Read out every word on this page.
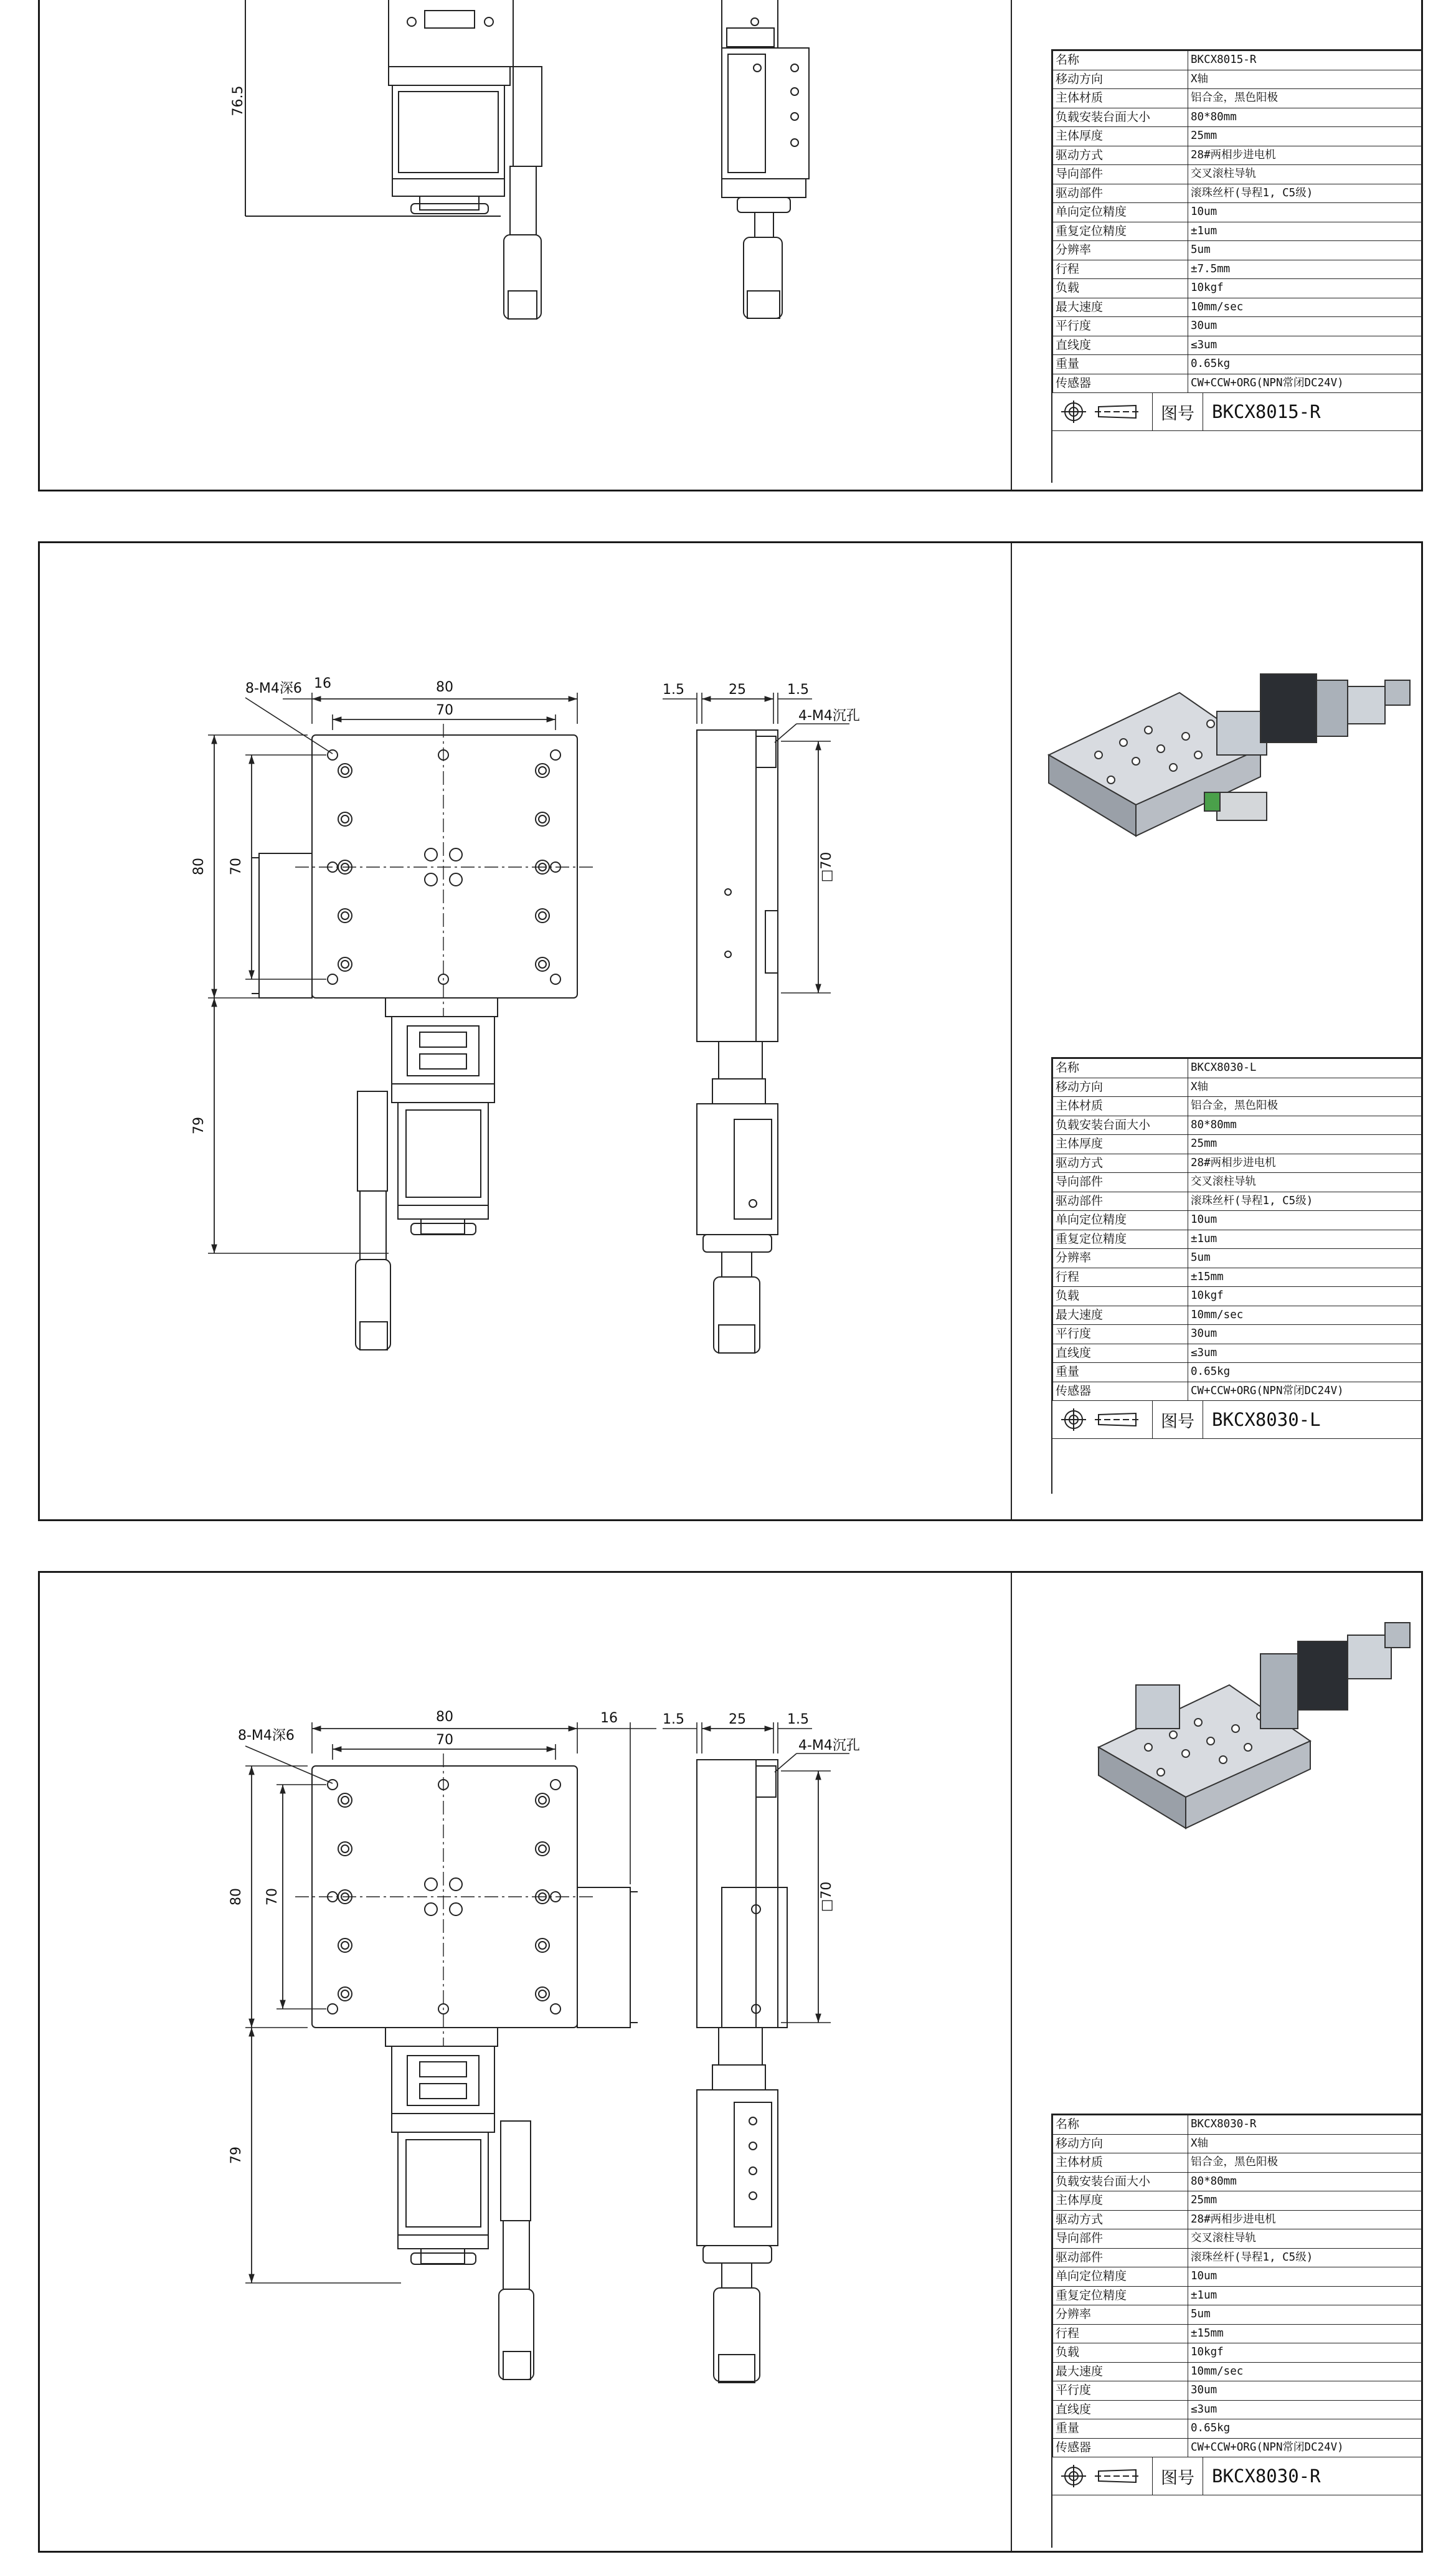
76.5
名称	BKCX8015-R
移动方向	X轴
主体材质	铝合金，黑色阳极
负载安装台面大小	80*80mm
主体厚度	25mm
驱动方式	28#两相步进电机
导向部件	交叉滚柱导轨
驱动部件	滚珠丝杆(导程1, C5级)
单向定位精度	10um
重复定位精度	±1um
分辨率	5um
行程	±7.5mm
负载	10kgf
最大速度	10mm/sec
平行度	30um
直线度	≤3um
重量	0.65kg
传感器	CW+CCW+ORG(NPN常闭DC24V)
图号 BKCX8015-R
8-M4深6 16	80
70
80 70
79
1.5	25	1.5
4-M4沉孔
□70
名称	BKCX8030-L
移动方向	X轴
主体材质	铝合金，黑色阳极
负载安装台面大小	80*80mm
主体厚度	25mm
驱动方式	28#两相步进电机
导向部件	交叉滚柱导轨
驱动部件	滚珠丝杆(导程1, C5级)
单向定位精度	10um
重复定位精度	±1um
分辨率	5um
行程	±15mm
负载	10kgf
最大速度	10mm/sec
平行度	30um
直线度	≤3um
重量	0.65kg
传感器	CW+CCW+ORG(NPN常闭DC24V)
图号 BKCX8030-L
8-M4深6
16
80
70
80 70
79
1.5	25	1.5
4-M4沉孔
□70
名称	BKCX8030-R
移动方向	X轴
主体材质	铝合金，黑色阳极
负载安装台面大小	80*80mm
主体厚度	25mm
驱动方式	28#两相步进电机
导向部件	交叉滚柱导轨
驱动部件	滚珠丝杆(导程1, C5级)
单向定位精度	10um
重复定位精度	±1um
分辨率	5um
行程	±15mm
负载	10kgf
最大速度	10mm/sec
平行度	30um
直线度	≤3um
重量	0.65kg
传感器	CW+CCW+ORG(NPN常闭DC24V)
图号 BKCX8030-R
